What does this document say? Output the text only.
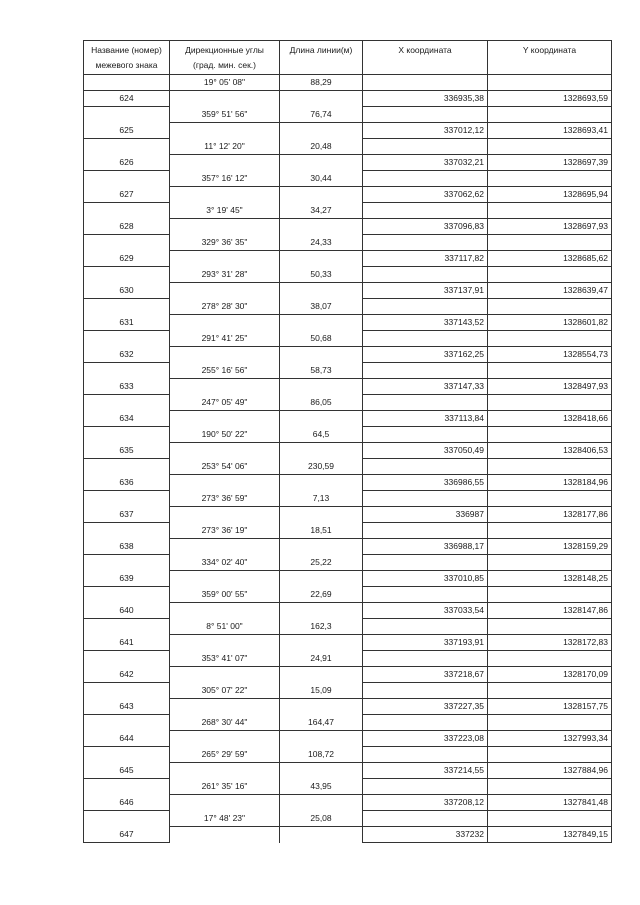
Название (номер)
межевого знака	Дирекционные углы
(град. мин. сек.)	Длина линии(м)	X координата	Y координата
	19° 05' 08"	88,29		
624			336935,38	1328693,59
	359° 51' 56"	76,74		
625			337012,12	1328693,41
	11° 12' 20"	20,48		
626			337032,21	1328697,39
	357° 16' 12"	30,44		
627			337062,62	1328695,94
	3° 19' 45"	34,27		
628			337096,83	1328697,93
	329° 36' 35"	24,33		
629			337117,82	1328685,62
	293° 31' 28"	50,33		
630			337137,91	1328639,47
	278° 28' 30"	38,07		
631			337143,52	1328601,82
	291° 41' 25"	50,68		
632			337162,25	1328554,73
	255° 16' 56"	58,73		
633			337147,33	1328497,93
	247° 05' 49"	86,05		
634			337113,84	1328418,66
	190° 50' 22"	64,5		
635			337050,49	1328406,53
	253° 54' 06"	230,59		
636			336986,55	1328184,96
	273° 36' 59"	7,13		
637			336987	1328177,86
	273° 36' 19"	18,51		
638			336988,17	1328159,29
	334° 02' 40"	25,22		
639			337010,85	1328148,25
	359° 00' 55"	22,69		
640			337033,54	1328147,86
	8° 51' 00"	162,3		
641			337193,91	1328172,83
	353° 41' 07"	24,91		
642			337218,67	1328170,09
	305° 07' 22"	15,09		
643			337227,35	1328157,75
	268° 30' 44"	164,47		
644			337223,08	1327993,34
	265° 29' 59"	108,72		
645			337214,55	1327884,96
	261° 35' 16"	43,95		
646			337208,12	1327841,48
	17° 48' 23"	25,08		
647			337232	1327849,15
